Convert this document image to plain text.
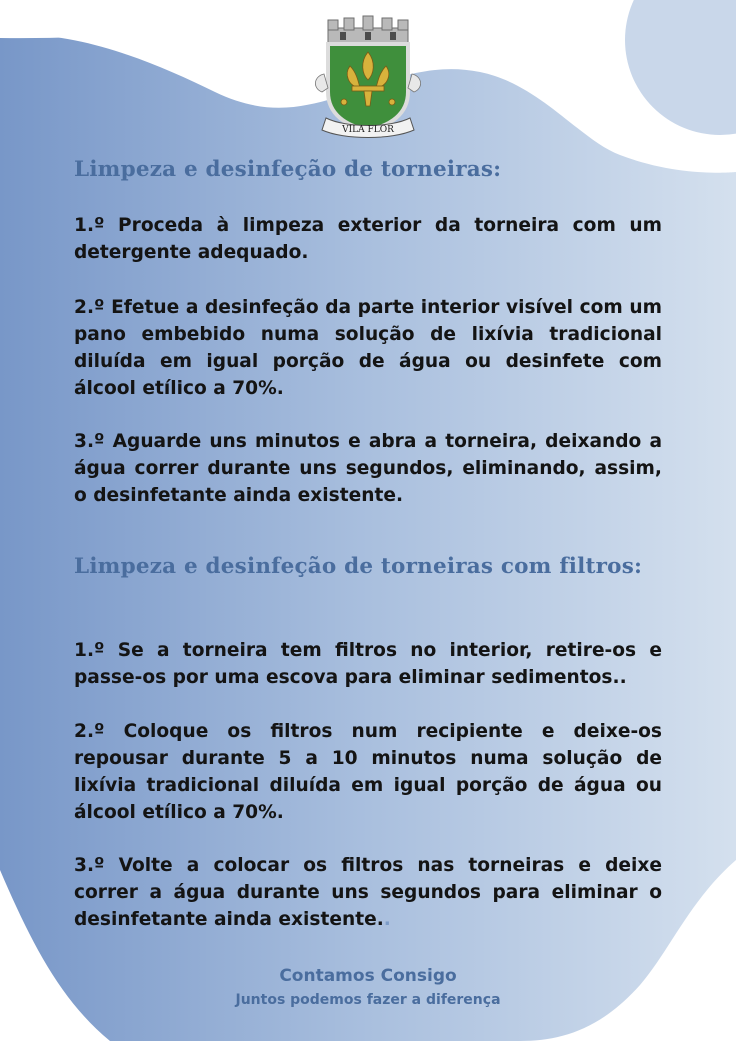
VILA FLOR
Limpeza e desinfeção de torneiras:

1.º Proceda à limpeza exterior da torneira com um detergente adequado.

2.º Efetue a desinfeção da parte interior visível com um pano embebido numa solução de lixívia tradicional diluída em igual porção de água ou desinfete com álcool etílico a 70%.

3.º Aguarde uns minutos e abra a torneira, deixando a água correr durante uns segundos, eliminando, assim, o desinfetante ainda existente.

Limpeza e desinfeção de torneiras com filtros:

1.º Se a torneira tem filtros no interior, retire-os e passe-os por uma escova para eliminar sedimentos..

2.º Coloque os filtros num recipiente e deixe-os repousar durante 5 a 10 minutos numa solução de lixívia tradicional diluída em igual porção de água ou álcool etílico a 70%.

3.º Volte a colocar os filtros nas torneiras e deixe correr a água durante uns segundos para eliminar o desinfetante ainda existente..

Contamos Consigo
Juntos podemos fazer a diferença
